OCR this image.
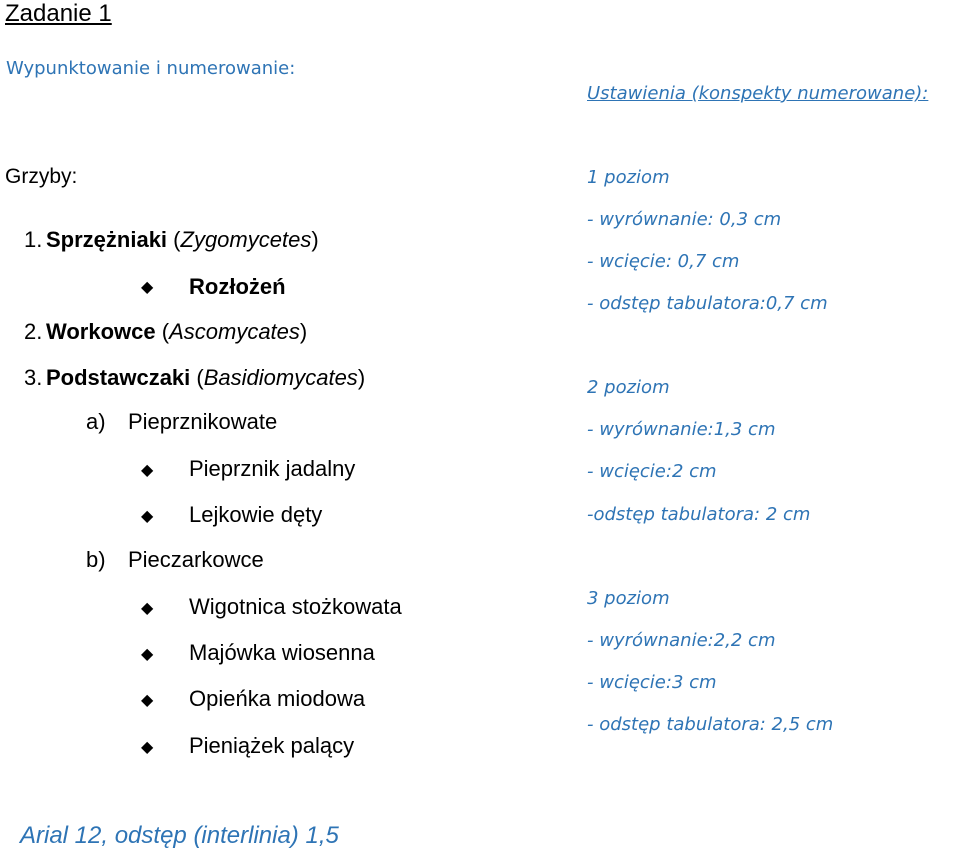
Zadanie 1
Wypunktowanie i numerowanie:
Ustawienia (konspekty numerowane):
Grzyby:
1. Sprzężniaki (Zygomycetes)
◆ Rozłożeń
2. Workowce (Ascomycates)
3. Podstawczaki (Basidiomycates)
a) Pieprznikowate
◆ Pieprznik jadalny
◆ Lejkowie dęty
b) Pieczarkowce
◆ Wigotnica stożkowata
◆ Majówka wiosenna
◆ Opieńka miodowa
◆ Pieniążek palący
1 poziom
- wyrównanie: 0,3 cm
- wcięcie: 0,7 cm
- odstęp tabulatora:0,7 cm
2 poziom
- wyrównanie:1,3 cm
- wcięcie:2 cm
-odstęp tabulatora: 2 cm
3 poziom
- wyrównanie:2,2 cm
- wcięcie:3 cm
- odstęp tabulatora: 2,5 cm
Arial 12, odstęp (interlinia) 1,5
